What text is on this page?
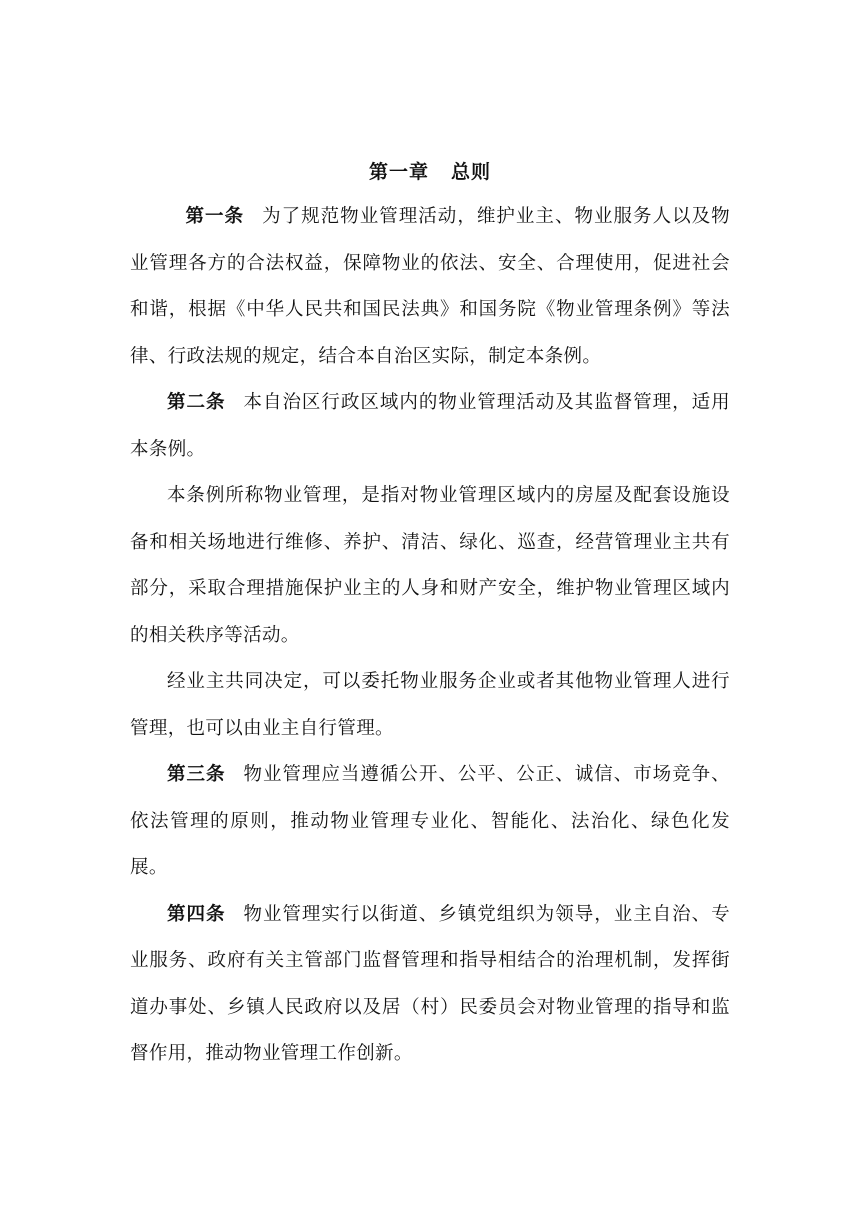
第一章 总则

第一条 为了规范物业管理活动，维护业主、物业服务人以及物业管理各方的合法权益，保障物业的依法、安全、合理使用，促进社会和谐，根据《中华人民共和国民法典》和国务院《物业管理条例》等法律、行政法规的规定，结合本自治区实际，制定本条例。

第二条 本自治区行政区域内的物业管理活动及其监督管理，适用本条例。

本条例所称物业管理，是指对物业管理区域内的房屋及配套设施设备和相关场地进行维修、养护、清洁、绿化、巡查，经营管理业主共有部分，采取合理措施保护业主的人身和财产安全，维护物业管理区域内的相关秩序等活动。

经业主共同决定，可以委托物业服务企业或者其他物业管理人进行管理，也可以由业主自行管理。

第三条 物业管理应当遵循公开、公平、公正、诚信、市场竞争、依法管理的原则，推动物业管理专业化、智能化、法治化、绿色化发展。

第四条 物业管理实行以街道、乡镇党组织为领导，业主自治、专业服务、政府有关主管部门监督管理和指导相结合的治理机制，发挥街道办事处、乡镇人民政府以及居（村）民委员会对物业管理的指导和监督作用，推动物业管理工作创新。
